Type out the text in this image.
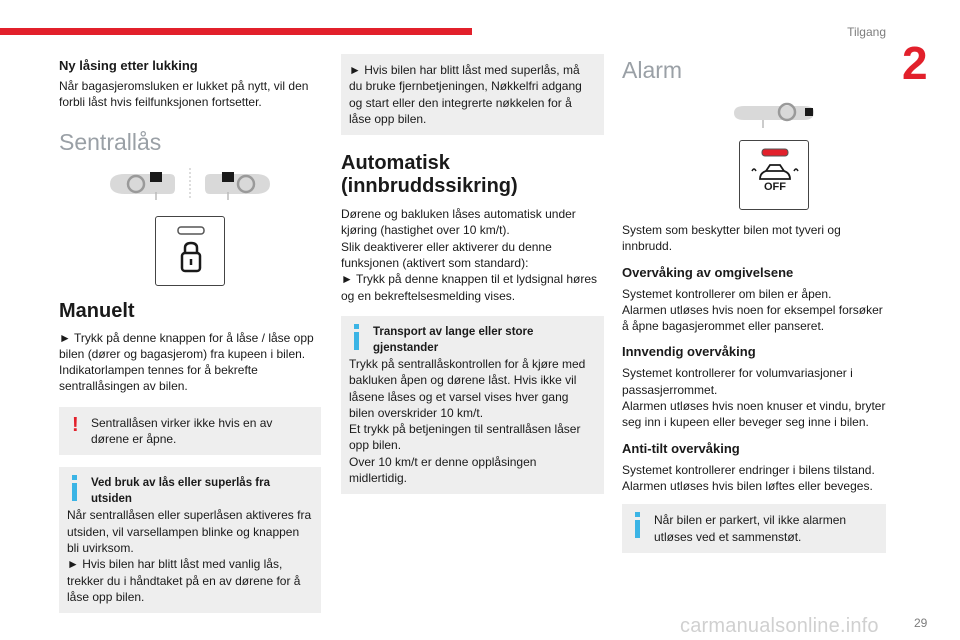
Tilgang
2
Ny låsing etter lukking

Når bagasjeromsluken er lukket på nytt, vil den forbli låst hvis feilfunksjonen fortsetter.

Sentrallås
Manuelt

► Trykk på denne knappen for å låse / låse opp bilen (dører og bagasjerom) fra kupeen i bilen. Indikatorlampen tennes for å bekrefte sentrallåsingen av bilen.

! Sentrallåsen virker ikke hvis en av dørene er åpne.

Ved bruk av lås eller superlås fra utsiden

Når sentrallåsen eller superlåsen aktiveres fra utsiden, vil varsellampen blinke og knappen bli uvirksom.
► Hvis bilen har blitt låst med vanlig lås, trekker du i håndtaket på en av dørene for å låse opp bilen.

► Hvis bilen har blitt låst med superlås, må du bruke fjernbetjeningen, Nøkkelfri adgang og start eller den integrerte nøkkelen for å låse opp bilen.

Automatisk (innbruddssikring)

Dørene og bakluken låses automatisk under kjøring (hastighet over 10 km/t).
Slik deaktiverer eller aktiverer du denne funksjonen (aktivert som standard):
► Trykk på denne knappen til et lydsignal høres og en bekreftelsesmelding vises.

Transport av lange eller store gjenstander

Trykk på sentrallåskontrollen for å kjøre med bakluken åpen og dørene låst. Hvis ikke vil låsene låses og et varsel vises hver gang bilen overskrider 10 km/t.
Et trykk på betjeningen til sentrallåsen låser opp bilen.
Over 10 km/t er denne opplåsingen midlertidig.

Alarm
OFF

System som beskytter bilen mot tyveri og innbrudd.

Overvåking av omgivelsene

Systemet kontrollerer om bilen er åpen.
Alarmen utløses hvis noen for eksempel forsøker å åpne bagasjerommet eller panseret.

Innvendig overvåking

Systemet kontrollerer for volumvariasjoner i passasjerrommet.
Alarmen utløses hvis noen knuser et vindu, bryter seg inn i kupeen eller beveger seg inne i bilen.

Anti-tilt overvåking

Systemet kontrollerer endringer i bilens tilstand.
Alarmen utløses hvis bilen løftes eller beveges.

Når bilen er parkert, vil ikke alarmen utløses ved et sammenstøt.

carmanualsonline.info	29
